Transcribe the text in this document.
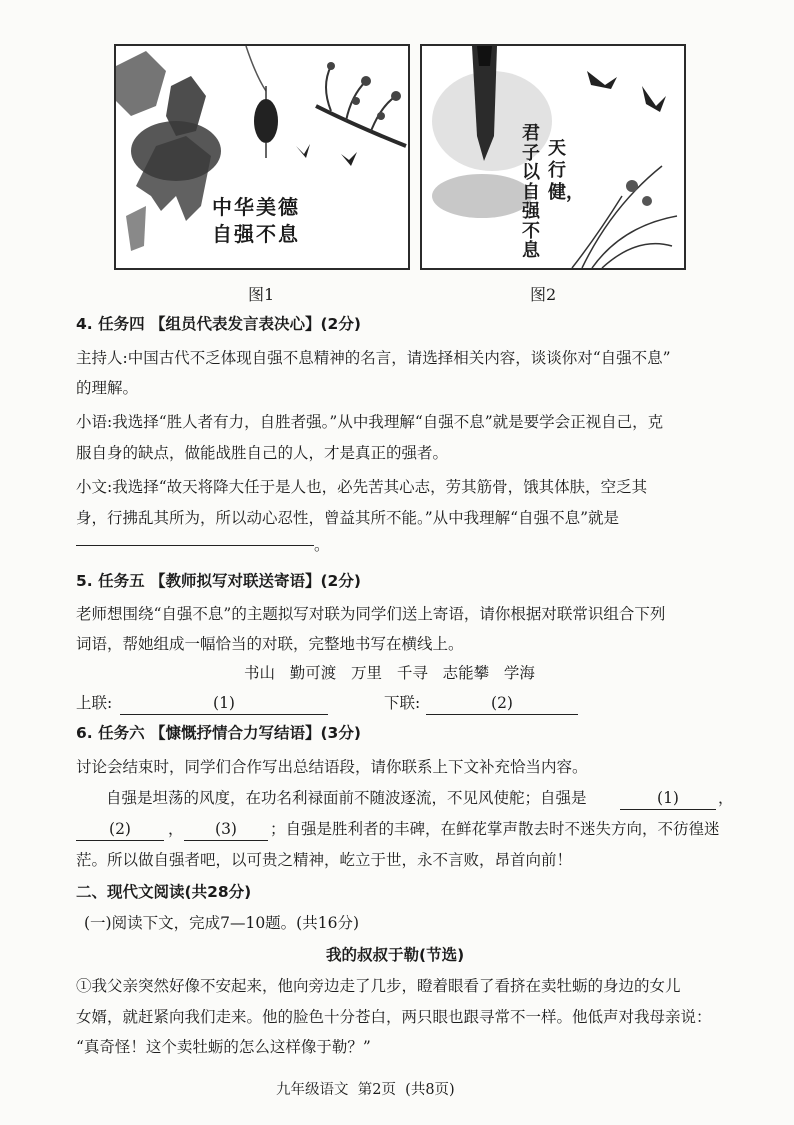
中华美德
自强不息
图1
天行健，
君子以自强不息
图2
4. 任务四 【组员代表发言表决心】(2分)
主持人:中国古代不乏体现自强不息精神的名言，请选择相关内容，谈谈你对“自强不息”
的理解。
小语:我选择“胜人者有力，自胜者强。”从中我理解“自强不息”就是要学会正视自己，克
服自身的缺点，做能战胜自己的人，才是真正的强者。
小文:我选择“故天将降大任于是人也，必先苦其心志，劳其筋骨，饿其体肤，空乏其
身，行拂乱其所为，所以动心忍性，曾益其所不能。”从中我理解“自强不息”就是
。
5. 任务五 【教师拟写对联送寄语】(2分)
老师想围绕“自强不息”的主题拟写对联为同学们送上寄语，请你根据对联常识组合下列
词语，帮她组成一幅恰当的对联，完整地书写在横线上。
书山   勤可渡   万里   千寻   志能攀   学海
上联:	(1)	下联:	(2)
6. 任务六 【慷慨抒情合力写结语】(3分)
讨论会结束时，同学们合作写出总结语段，请你联系上下文补充恰当内容。
自强是坦荡的风度，在功名利禄面前不随波逐流，不见风使舵；自强是	(1)	，
(2)	，	(3)	；自强是胜利者的丰碑，在鲜花掌声散去时不迷失方向，不彷徨迷
茫。所以做自强者吧，以可贵之精神，屹立于世，永不言败，昂首向前！
二、现代文阅读(共28分)
(一)阅读下文，完成7—10题。(共16分)
我的叔叔于勒(节选)
①我父亲突然好像不安起来，他向旁边走了几步，瞪着眼看了看挤在卖牡蛎的身边的女儿
女婿，就赶紧向我们走来。他的脸色十分苍白，两只眼也跟寻常不一样。他低声对我母亲说：
“真奇怪！这个卖牡蛎的怎么这样像于勒？”
九年级语文  第2页  (共8页)
